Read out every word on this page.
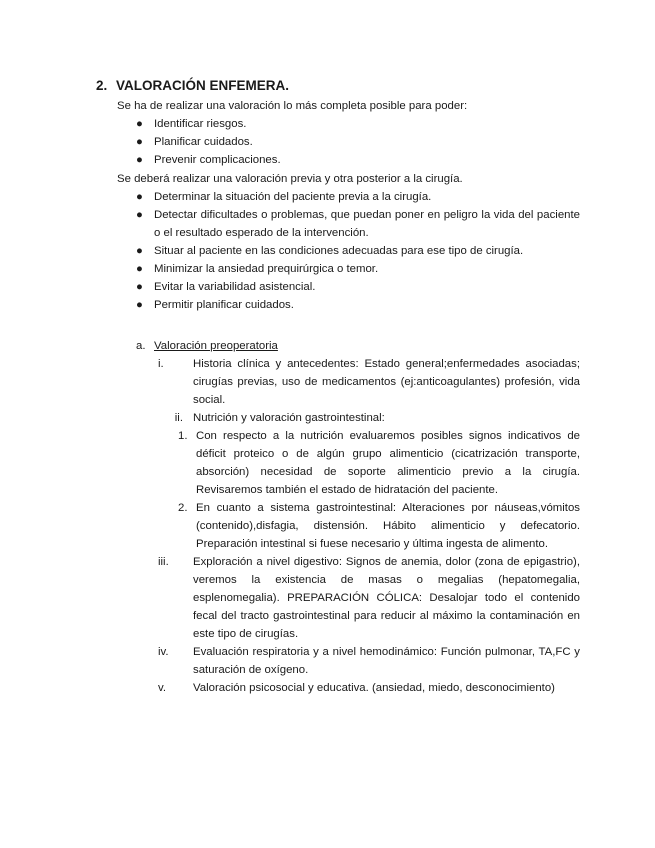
2. VALORACIÓN ENFEMERA.
Se ha de realizar una valoración lo más completa posible para poder:
● Identificar riesgos.
● Planificar cuidados.
● Prevenir complicaciones.
Se deberá realizar una valoración previa y otra posterior a la cirugía.
● Determinar la situación del paciente previa a la cirugía.
● Detectar dificultades o problemas, que puedan poner en peligro la vida del paciente o el resultado esperado de la intervención.
● Situar al paciente en las condiciones adecuadas para ese tipo de cirugía.
● Minimizar la ansiedad prequirúrgica o temor.
● Evitar la variabilidad asistencial.
● Permitir planificar cuidados.
a. Valoración preoperatoria
i.	Historia clínica y antecedentes: Estado general;enfermedades asociadas; cirugías previas, uso de medicamentos (ej:anticoagulantes) profesión, vida social.
ii. Nutrición y valoración gastrointestinal:
1. Con respecto a la nutrición evaluaremos posibles signos indicativos de déficit proteico o de algún grupo alimenticio (cicatrización transporte, absorción) necesidad de soporte alimenticio previo a la cirugía. Revisaremos también el estado de hidratación del paciente.
2. En cuanto a sistema gastrointestinal: Alteraciones por náuseas,vómitos (contenido),disfagia, distensión. Hábito alimenticio y defecatorio. Preparación intestinal si fuese necesario y última ingesta de alimento.
iii.	Exploración a nivel digestivo: Signos de anemia, dolor (zona de epigastrio), veremos la existencia de masas o megalias (hepatomegalia, esplenomegalia). PREPARACIÓN CÓLICA: Desalojar todo el contenido fecal del tracto gastrointestinal para reducir al máximo la contaminación en este tipo de cirugías.
iv.	Evaluación respiratoria y a nivel hemodinámico: Función pulmonar, TA,FC y saturación de oxígeno.
v.	Valoración psicosocial y educativa. (ansiedad, miedo, desconocimiento)
